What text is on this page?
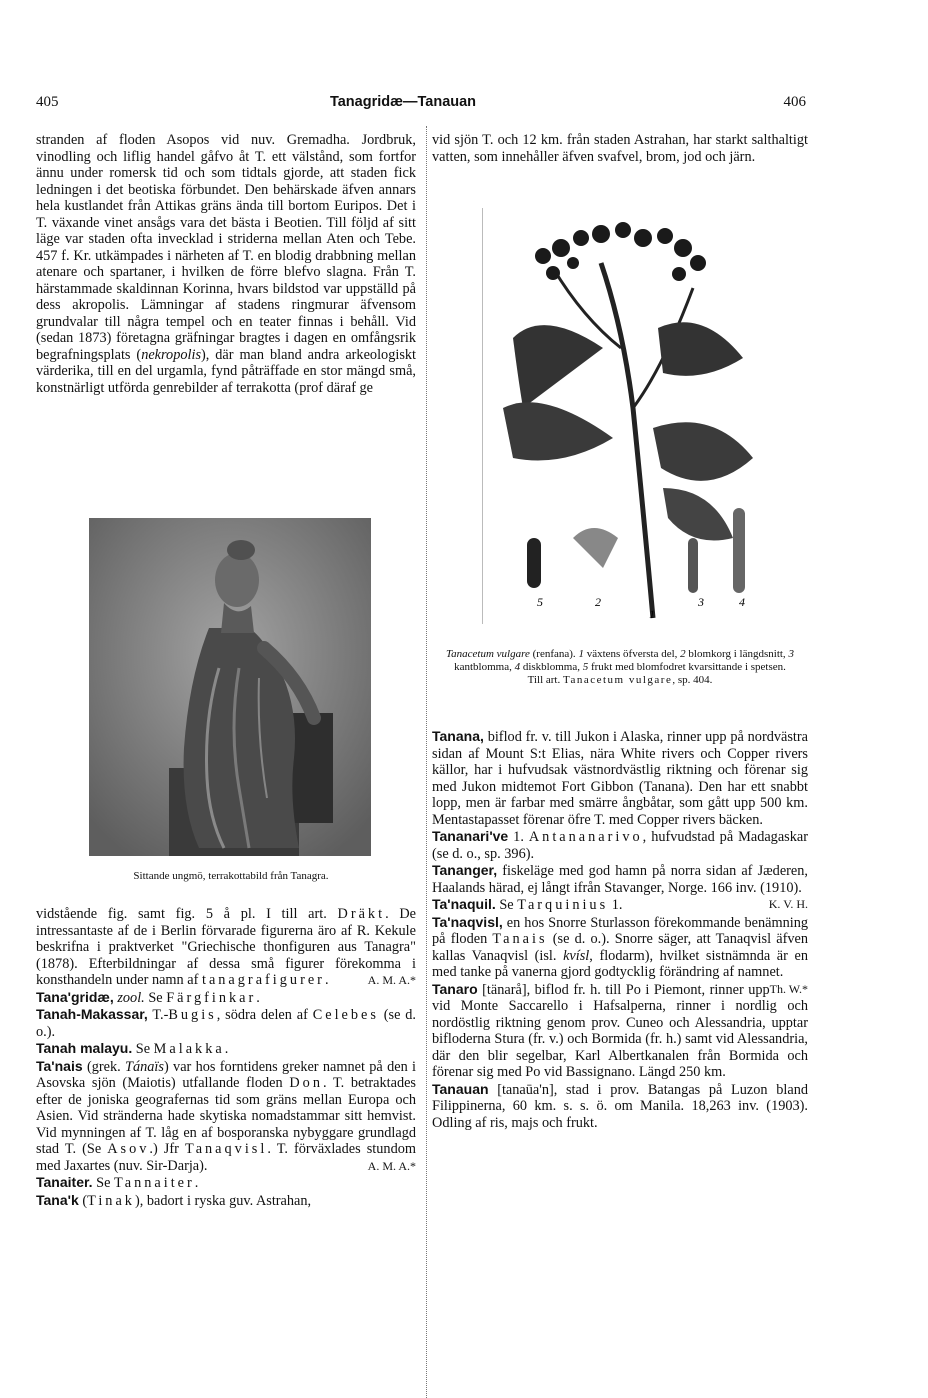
405	Tanagridæ—Tanauan	406

stranden af floden Asopos vid nuv. Gremadha. Jordbruk, vinodling och liflig handel gåfvo åt T. ett välstånd, som fortfor ännu under romersk tid och som tidtals gjorde, att staden fick ledningen i det beotiska förbundet. Den behärskade äfven annars hela kustlandet från Attikas gräns ända till bortom Euripos. Det i T. växande vinet ansågs vara det bästa i Beotien. Till följd af sitt läge var staden ofta invecklad i striderna mellan Aten och Tebe. 457 f. Kr. utkämpades i närheten af T. en blodig drabbning mellan atenare och spartaner, i hvilken de förre blefvo slagna. Från T. härstammade skaldinnan Korinna, hvars bildstod var uppställd på dess akropolis. Lämningar af stadens ringmurar äfvensom grundvalar till några tempel och en teater finnas i behåll. Vid (sedan 1873) företagna gräfningar bragtes i dagen en omfångsrik begrafningsplats (nekropolis), där man bland andra arkeologiskt värderika, till en del urgamla, fynd påträffade en stor mängd små, konstnärligt utförda genrebilder af terrakotta (prof däraf ge

Sittande ungmö, terrakottabild från Tanagra.

vidstående fig. samt fig. 5 å pl. I till art. Dräkt. De intressantaste af de i Berlin förvarade figurerna äro af R. Kekule beskrifna i praktverket "Griechische thonfiguren aus Tanagra" (1878). Efterbildningar af dessa små figurer förekomma i konsthandeln under namn af tanagrafigurer.	A. M. A.*

Tana'gridæ, zool. Se Färgfinkar.

Tanah-Makassar, T.-Bugis, södra delen af Celebes (se d. o.).

Tanah malayu. Se Malakka.

Ta'nais (grek. Tánaïs) var hos forntidens greker namnet på den i Asovska sjön (Maiotis) utfallande floden Don. T. betraktades efter de joniska geografernas tid som gräns mellan Europa och Asien. Vid stränderna hade skytiska nomadstammar sitt hemvist. Vid mynningen af T. låg en af bosporanska nybyggare grundlagd stad T. (Se Asov.) Jfr Tanaqvisl. T. förväxlades stundom med Jaxartes (nuv. Sir-Darja).	A. M. A.*

Tanaiter. Se Tannaiter.

Tana'k (Tinak), badort i ryska guv. Astrahan,

vid sjön T. och 12 km. från staden Astrahan, har starkt salthaltigt vatten, som innehåller äfven svafvel, brom, jod och järn.

5	2
1
3	4
Tanacetum vulgare (renfana). 1 växtens öfversta del, 2 blomkorg i längdsnitt, 3 kantblomma, 4 diskblomma, 5 frukt med blomfodret kvarsittande i spetsen.
Till art. Tanacetum vulgare, sp. 404.

Tanana, biflod fr. v. till Jukon i Alaska, rinner upp på nordvästra sidan af Mount S:t Elias, nära White rivers och Copper rivers källor, har i hufvudsak västnordvästlig riktning och förenar sig med Jukon midtemot Fort Gibbon (Tanana). Den har ett snabbt lopp, men är farbar med smärre ångbåtar, som gått upp 500 km. Mentastapasset förenar öfre T. med Copper rivers bäcken.

Tananari've 1. Antananarivo, hufvudstad på Madagaskar (se d. o., sp. 396).

Tananger, fiskeläge med god hamn på norra sidan af Jæderen, Haalands härad, ej långt ifrån Stavanger, Norge. 166 inv. (1910).
K. V. H.

Ta'naquil. Se Tarquinius 1.

Ta'naqvisl, en hos Snorre Sturlasson förekommande benämning på floden Tanais (se d. o.). Snorre säger, att Tanaqvisl äfven kallas Vanaqvisl (isl. kvísl, flodarm), hvilket sistnämnda är en med tanke på vanerna gjord godtycklig förändring af namnet.
Th. W.*

Tanaro [tänarå], biflod fr. h. till Po i Piemont, rinner upp vid Monte Saccarello i Hafsalperna, rinner i nordlig och nordöstlig riktning genom prov. Cuneo och Alessandria, upptar bifloderna Stura (fr. v.) och Bormida (fr. h.) samt vid Alessandria, där den blir segelbar, Karl Albertkanalen från Bormida och förenar sig med Po vid Bassignano. Längd 250 km.

Tanauan [tanaūa'n], stad i prov. Batangas på Luzon bland Filippinerna, 60 km. s. s. ö. om Manila. 18,263 inv. (1903). Odling af ris, majs och frukt.
